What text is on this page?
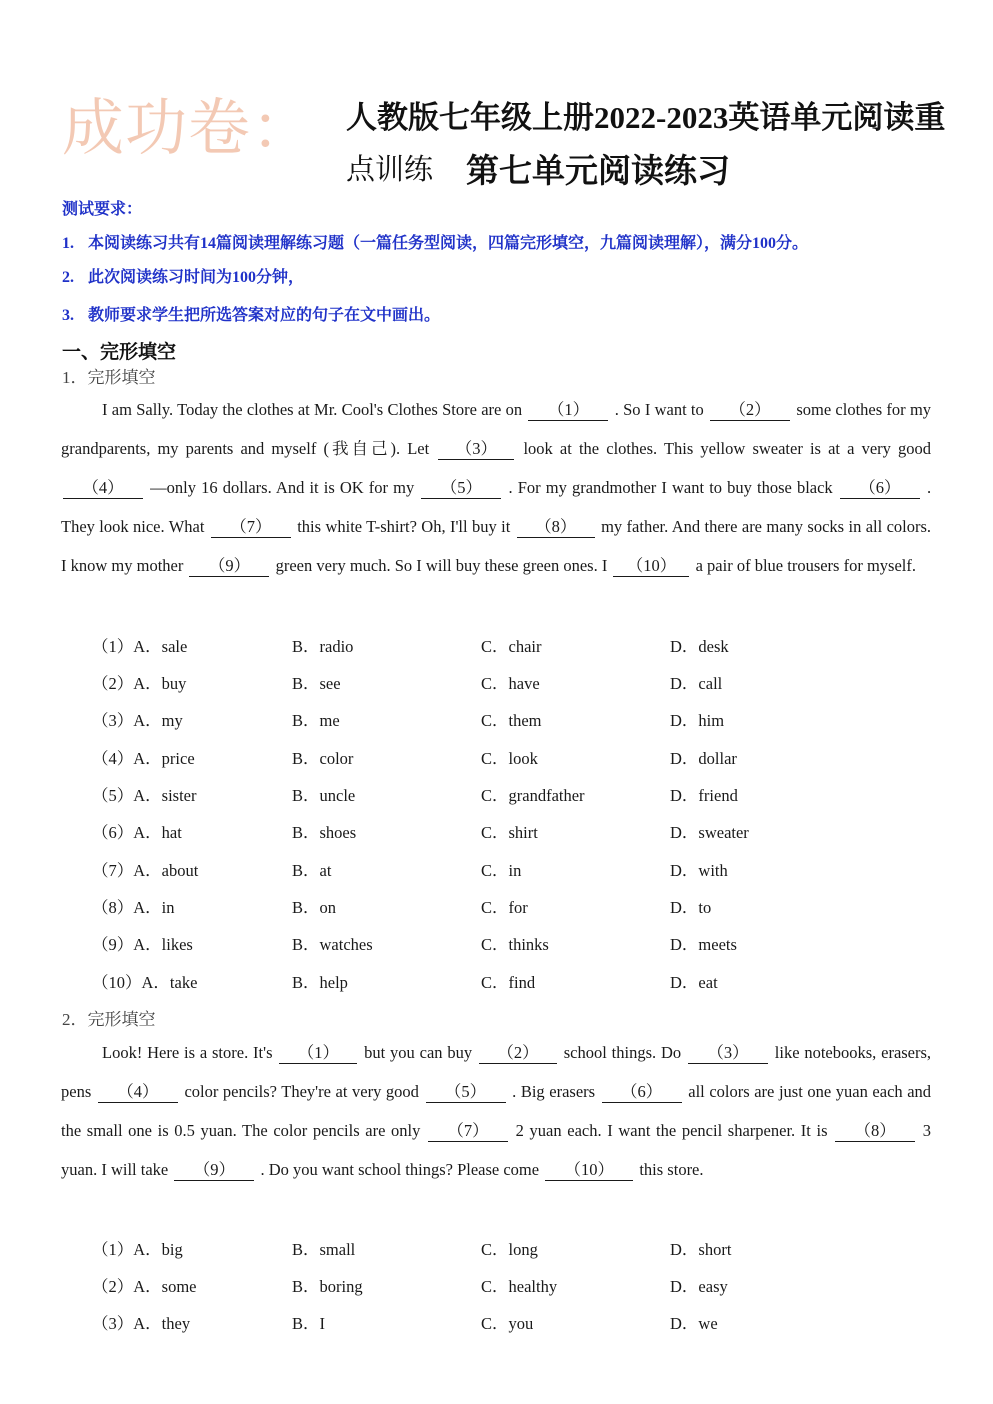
成功卷： 人教版七年级上册2022-2023英语单元阅读重
点训练 第七单元阅读练习
测试要求：
1. 本阅读练习共有14篇阅读理解练习题（一篇任务型阅读，四篇完形填空，九篇阅读理解），满分100分。
2. 此次阅读练习时间为100分钟，
3. 教师要求学生把所选答案对应的句子在文中画出。
一、完形填空
1．完形填空

I am Sally. Today the clothes at Mr. Cool's Clothes Store are on （1） . So I want to （2） some clothes for my grandparents, my parents and myself (我自己). Let （3） look at the clothes. This yellow sweater is at a very good （4） —only 16 dollars. And it is OK for my （5） . For my grandmother I want to buy those black （6） . They look nice. What （7） this white T-shirt? Oh, I'll buy it （8） my father. And there are many socks in all colors. I know my mother （9） green very much. So I will buy these green ones. I （10） a pair of blue trousers for myself.

（1）A．sale	B．radio	C．chair	D．desk
（2）A．buy	B．see	C．have	D．call
（3）A．my	B．me	C．them	D．him
（4）A．price	B．color	C．look	D．dollar
（5）A．sister	B．uncle	C．grandfather	D．friend
（6）A．hat	B．shoes	C．shirt	D．sweater
（7）A．about	B．at	C．in	D．with
（8）A．in	B．on	C．for	D．to
（9）A．likes	B．watches	C．thinks	D．meets
（10）A．take	B．help	C．find	D．eat
2．完形填空

Look! Here is a store. It's （1） but you can buy （2） school things. Do （3） like notebooks, erasers, pens （4） color pencils? They're at very good （5） . Big erasers （6） all colors are just one yuan each and the small one is 0.5 yuan. The color pencils are only （7） 2 yuan each. I want the pencil sharpener. It is （8） 3 yuan. I will take （9） . Do you want school things? Please come （10） this store.

（1）A．big	B．small	C．long	D．short
（2）A．some	B．boring	C．healthy	D．easy
（3）A．they	B．I	C．you	D．we
